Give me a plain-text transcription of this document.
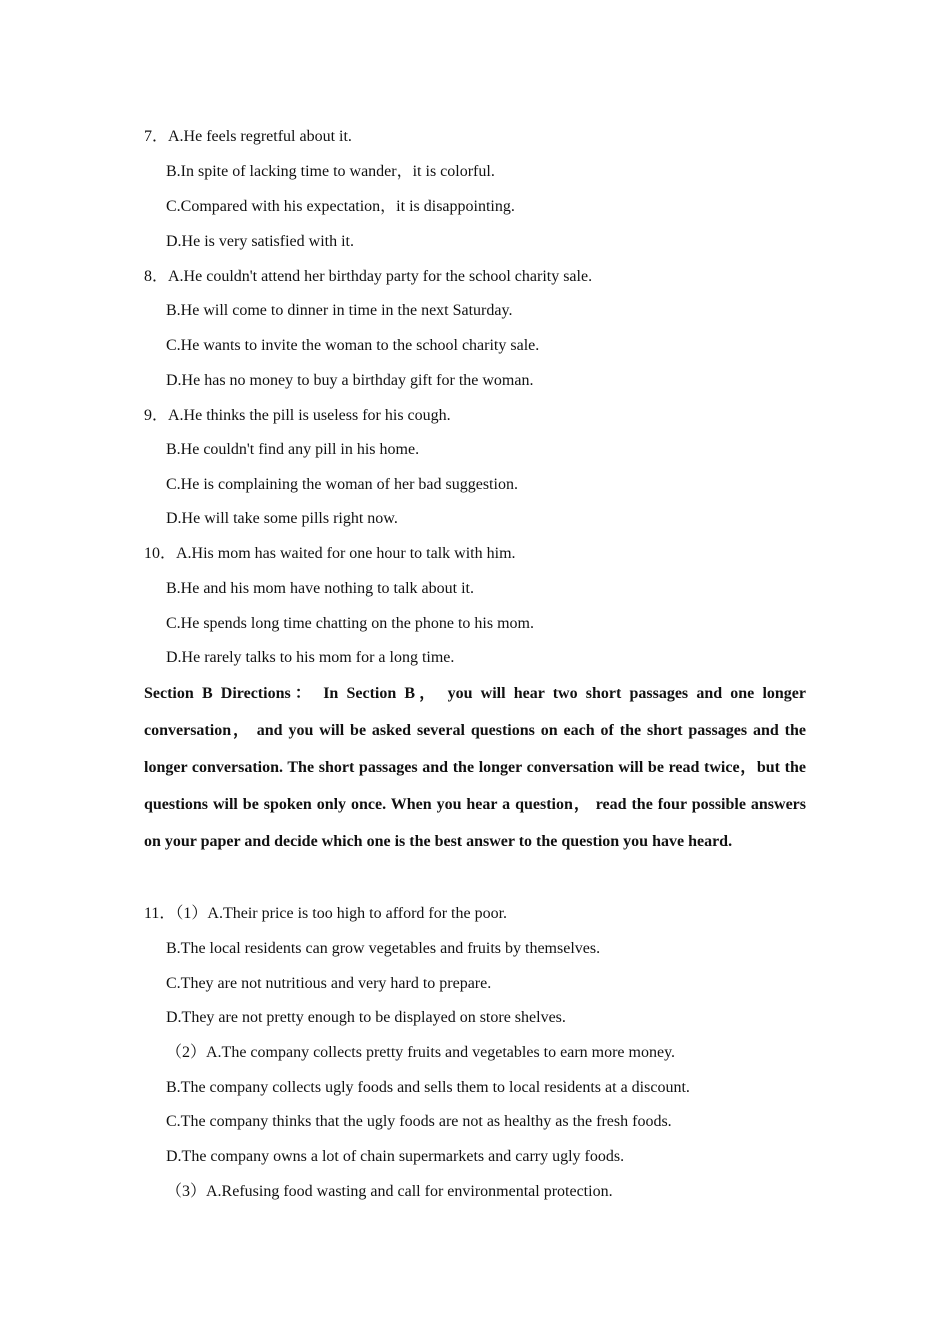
7．A.He feels regretful about it.
B.In spite of lacking time to wander，it is colorful.
C.Compared with his expectation，it is disappointing.
D.He is very satisfied with it.
8．A.He couldn't attend her birthday party for the school charity sale.
B.He will come to dinner in time in the next Saturday.
C.He wants to invite the woman to the school charity sale.
D.He has no money to buy a birthday gift for the woman.
9．A.He thinks the pill is useless for his cough.
B.He couldn't find any pill in his home.
C.He is complaining the woman of her bad suggestion.
D.He will take some pills right now.
10．A.His mom has waited for one hour to talk with him.
B.He and his mom have nothing to talk about it.
C.He spends long time chatting on the phone to his mom.
D.He rarely talks to his mom for a long time.
Section B Directions： In Section B， you will hear two short passages and one longer conversation， and you will be asked several questions on each of the short passages and the longer conversation. The short passages and the longer conversation will be read twice，but the questions will be spoken only once. When you hear a question， read the four possible answers on your paper and decide which one is the best answer to the question you have heard.
11．（1）A.Their price is too high to afford for the poor.
B.The local residents can grow vegetables and fruits by themselves.
C.They are not nutritious and very hard to prepare.
D.They are not pretty enough to be displayed on store shelves.
（2）A.The company collects pretty fruits and vegetables to earn more money.
B.The company collects ugly foods and sells them to local residents at a discount.
C.The company thinks that the ugly foods are not as healthy as the fresh foods.
D.The company owns a lot of chain supermarkets and carry ugly foods.
（3）A.Refusing food wasting and call for environmental protection.
